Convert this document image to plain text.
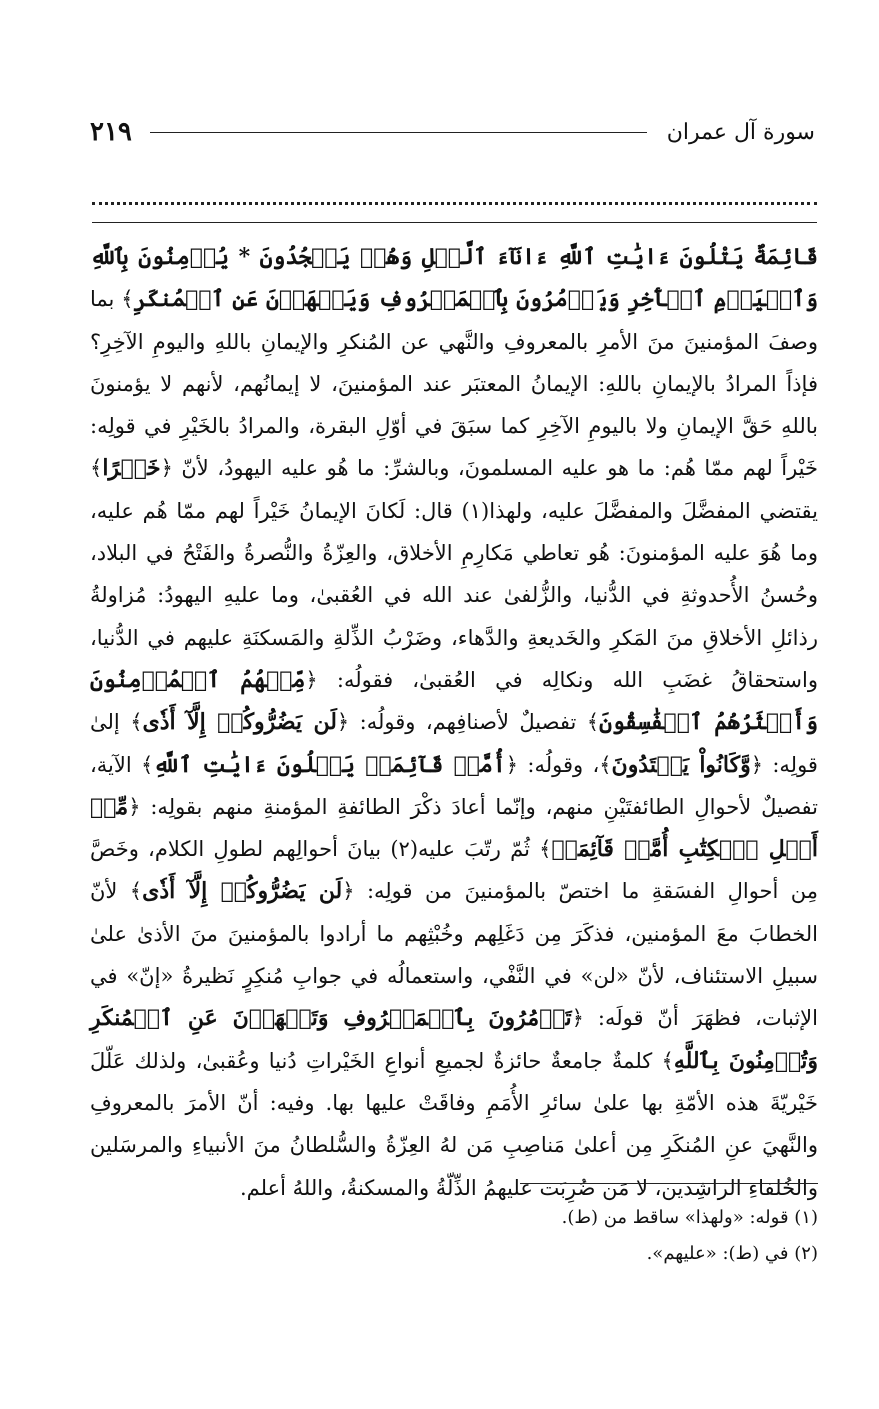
سورة آل عمران
٢١٩

قَائِمَةٌ يَتْلُونَ ءَايَٰتِ ٱللَّهِ ءَانَآءَ ٱلَّيۡلِ وَهُمۡ يَسۡجُدُونَ * يُؤۡمِنُونَ بِٱللَّهِ وَٱلۡيَوۡمِ ٱلۡأٓخِرِ وَيَأۡمُرُونَ بِٱلۡمَعۡرُوفِ وَيَنۡهَوۡنَ عَنِ ٱلۡمُنكَرِ﴾ بما وصفَ المؤمنينَ منَ الأمرِ بالمعروفِ والنَّهي عن المُنكرِ والإيمانِ باللهِ واليومِ الآخِرِ؟ فإذاً المرادُ بالإيمانِ باللهِ: الإيمانُ المعتبَر عند المؤمنينَ، لا إيمانُهم، لأنهم لا يؤمنونَ باللهِ حَقَّ الإيمانِ ولا باليومِ الآخِرِ كما سبَقَ في أوّلِ البقرة، والمرادُ بالخَيْرِ في قولِه: خَيْراً لهم ممّا هُم: ما هو عليه المسلمونَ، وبالشرِّ: ما هُو عليه اليهودُ، لأنّ ﴿خَيۡرًا﴾ يقتضي المفضَّلَ والمفضَّلَ عليه، ولهذا(١) قال: لَكانَ الإيمانُ خَيْراً لهم ممّا هُم عليه، وما هُوَ عليه المؤمنونَ: هُو تعاطي مَكارِمِ الأخلاق، والعِزّةُ والنُّصرةُ والفَتْحُ في البلاد، وحُسنُ الأُحدوثةِ في الدُّنيا، والزُّلفىٰ عند الله في العُقبىٰ، وما عليهِ اليهودُ: مُزاولةُ رذائلِ الأخلاقِ منَ المَكرِ والخَديعةِ والدَّهاء، وضَرْبُ الذِّلةِ والمَسكنَةِ عليهم في الدُّنيا، واستحقاقُ غضَبِ الله ونكالِه في العُقبىٰ، فقولُه: ﴿مِّنۡهُمُ ٱلۡمُؤۡمِنُونَ وَأَكۡثَرُهُمُ ٱلۡفَٰسِقُونَ﴾ تفصيلٌ لأصنافِهم، وقولُه: ﴿لَن يَضُرُّوكُمۡ إِلَّآ أَذٗى﴾ إلىٰ قولِه: ﴿وَّكَانُواْ يَعۡتَدُونَ﴾، وقولُه: ﴿أُمَّةٞ قَآئِمَةٞ يَتۡلُونَ ءَايَٰتِ ٱللَّهِ﴾ الآية، تفصيلٌ لأحوالِ الطائفتَيْنِ منهم، وإنّما أعادَ ذكْرَ الطائفةِ المؤمنةِ منهم بقولِه: ﴿مِّنۡ أَهۡلِ ٱلۡكِتَٰبِ أُمَّةٞ قَآئِمَةٞ﴾ ثُمّ رتّبَ عليه(٢) بيانَ أحوالِهم لطولِ الكلام، وخَصَّ مِن أحوالِ الفسَقةِ ما اختصّ بالمؤمنينَ من قولِه: ﴿لَن يَضُرُّوكُمۡ إِلَّآ أَذٗى﴾ لأنّ الخطابَ معَ المؤمنين، فذكَرَ مِن دَغَلِهم وخُبْثِهم ما أرادوا بالمؤمنينَ منَ الأذىٰ علىٰ سبيلِ الاستئناف، لأنّ «لن» في النَّفْي، واستعمالُه في جوابِ مُنكِرٍ نَظيرةُ «إنّ» في الإثبات، فظهَرَ أنّ قولَه: ﴿تَأۡمُرُونَ بِٱلۡمَعۡرُوفِ وَتَنۡهَوۡنَ عَنِ ٱلۡمُنكَرِ وَتُؤۡمِنُونَ بِٱللَّهِ﴾ كلمةٌ جامعةٌ حائزةٌ لجميعِ أنواعِ الخَيْراتِ دُنيا وعُقبىٰ، ولذلك عَلّلَ خَيْريّةَ هذه الأمّةِ بها علىٰ سائرِ الأُمَمِ وفاقَتْ عليها بها. وفيه: أنّ الأمرَ بالمعروفِ والنَّهيَ عنِ المُنكَرِ مِن أعلىٰ مَناصِبِ مَن لهُ العِزّةُ والسُّلطانُ منَ الأنبياءِ والمرسَلين والخُلفاءِ الراشِدين، لا مَن ضُرِبَت عليهمُ الذِّلّةُ والمسكنةُ، واللهُ أعلم.

(١) قوله: «ولهذا» ساقط من (ط).

(٢) في (ط): «عليهم».
